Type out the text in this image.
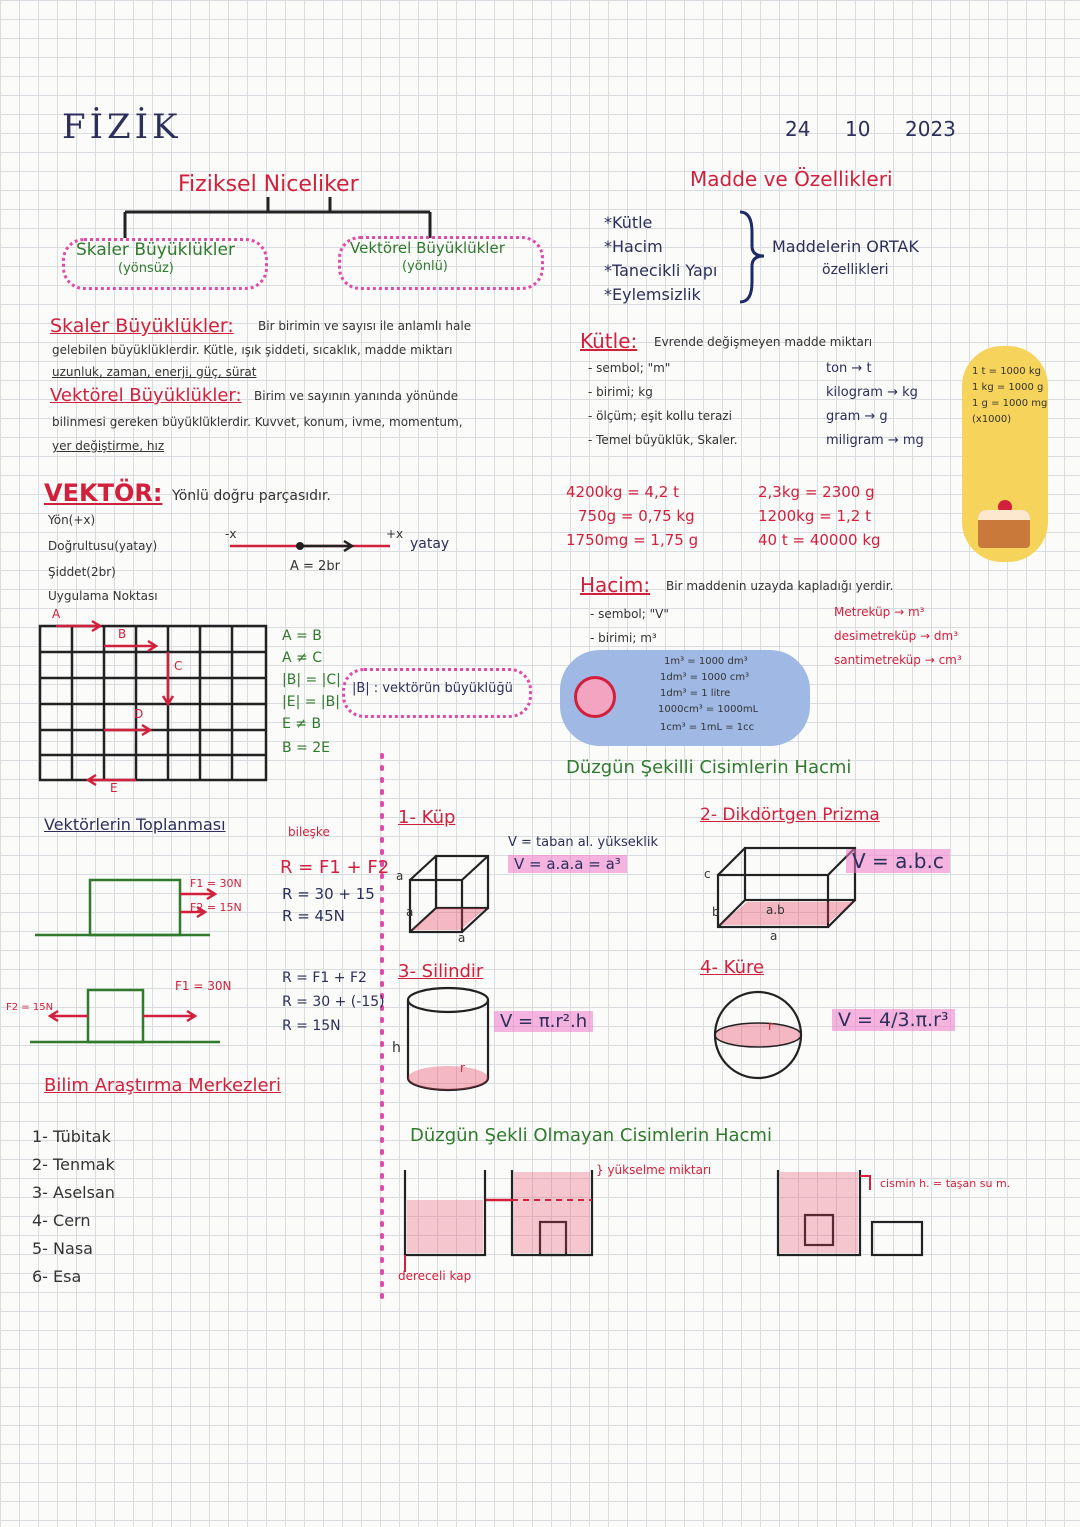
FİZİK	24 10 2023
Fiziksel Niceliker
Skaler Büyüklükler
(yönsüz)
Vektörel Büyüklükler
(yönlü)
Skaler Büyüklükler: Bir birimin ve sayısı ile anlamlı hale
gelebilen büyüklüklerdir. Kütle, ışık şiddeti, sıcaklık, madde miktarı
uzunluk, zaman, enerji, güç, sürat
Vektörel Büyüklükler: Birim ve sayının yanında yönünde
bilinmesi gereken büyüklüklerdir. Kuvvet, konum, ivme, momentum,
yer değiştirme, hız
VEKTÖR: Yönlü doğru parçasıdır.
Yön(+x)
Doğrultusu(yatay)
Şiddet(2br)
Uygulama Noktası
-x	+x
yatay
A = 2br
A
B
C
D
E
A = B
A ≠ C
|B| = |C|
|E| = |B|
E ≠ B
B = 2E
|B| : vektörün büyüklüğü
Vektörlerin Toplanması	bileşke
F1 = 30N
F2 = 15N
R = F1 + F2
R = 30 + 15
R = 45N
F1 = 30N
F2 = 15N
R = F1 + F2
R = 30 + (-15)
R = 15N
Bilim Araştırma Merkezleri
1- Tübitak
2- Tenmak
3- Aselsan
4- Cern
5- Nasa
6- Esa
Madde ve Özellikleri
*Kütle
*Hacim
*Tanecikli Yapı
*Eylemsizlik
Maddelerin ORTAK
özellikleri
Kütle: Evrende değişmeyen madde miktarı
- sembol; "m"
- birimi; kg
- ölçüm; eşit kollu terazi
- Temel büyüklük, Skaler.
ton → t
kilogram → kg
gram → g
miligram → mg
4200kg = 4,2 t
750g = 0,75 kg
1750mg = 1,75 g
2,3kg = 2300 g
1200kg = 1,2 t
40 t = 40000 kg
1 t = 1000 kg
1 kg = 1000 g
1 g = 1000 mg
(x1000)
Hacim: Bir maddenin uzayda kapladığı yerdir.
- sembol; "V"
- birimi; m³
Metreküp → m³
desimetreküp → dm³
santimetreküp → cm³
1m³ = 1000 dm³
1dm³ = 1000 cm³
1dm³ = 1 litre
1000cm³ = 1000mL
1cm³ = 1mL = 1cc
Düzgün Şekilli Cisimlerin Hacmi
1- Küp
V = taban al. yükseklik
V = a.a.a = a³
2- Dikdörtgen Prizma
V = a.b.c
3- Silindir
V = π.r².h
4- Küre
V = 4/3.π.r³
a
a
a
c
b
a
a.b
h
r
r
Düzgün Şekli Olmayan Cisimlerin Hacmi
} yükselme miktarı
cismin h. = taşan su m.
dereceli kap
